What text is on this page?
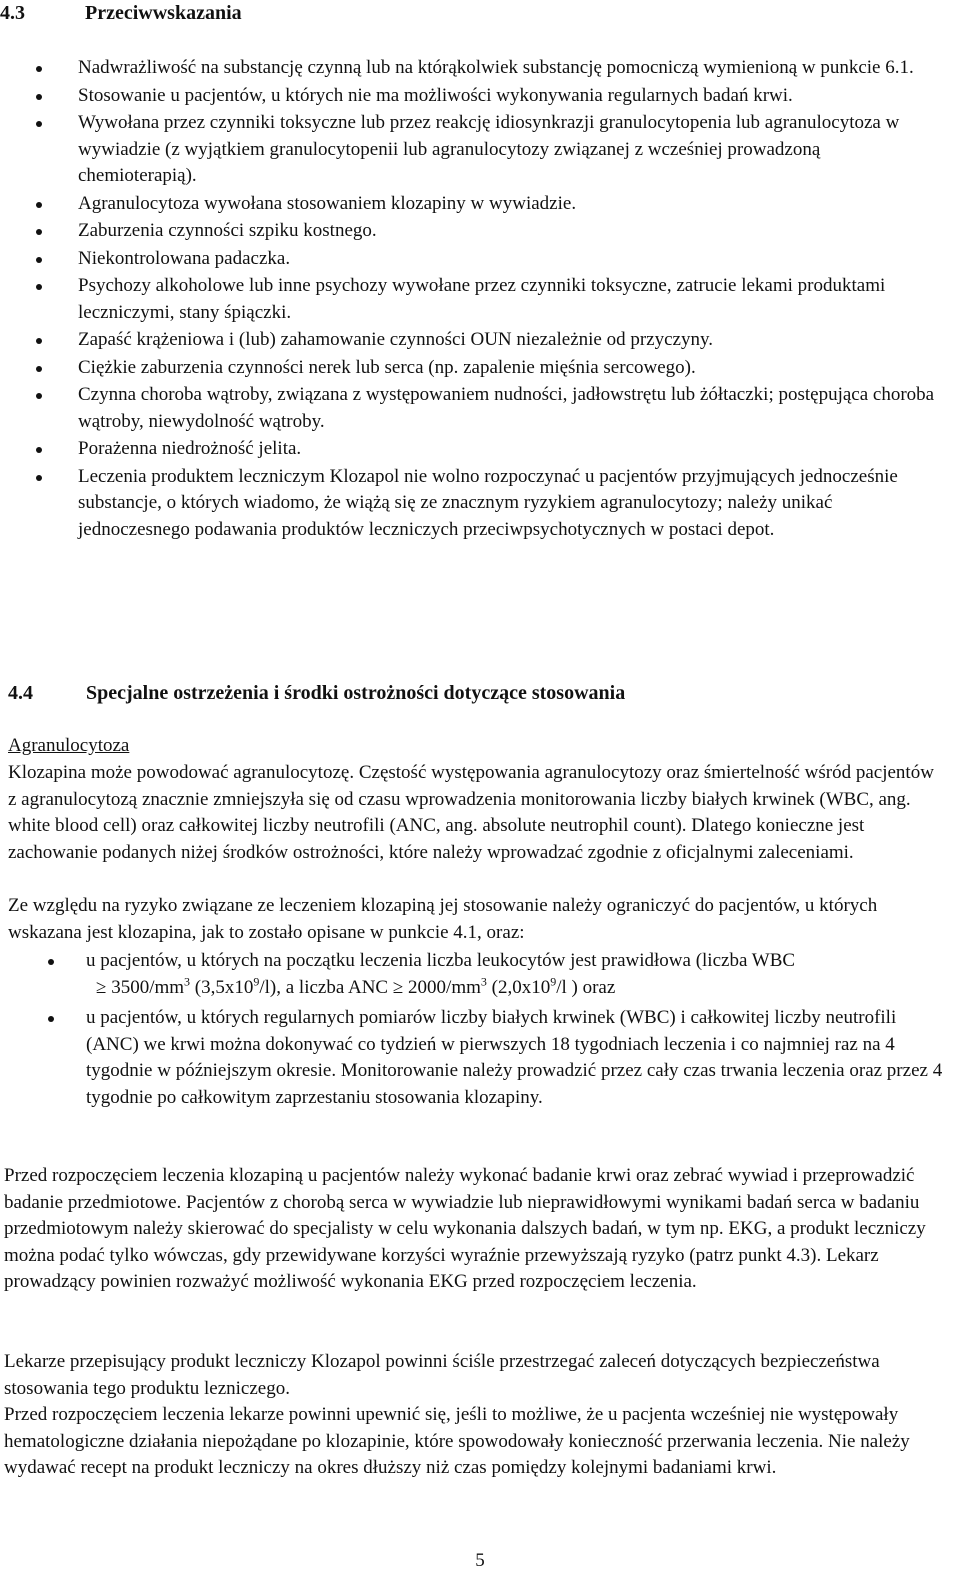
4.3	Przeciwwskazania
Nadwrażliwość na substancję czynną lub na którąkolwiek substancję pomocniczą wymienioną w punkcie 6.1.
Stosowanie u pacjentów, u których nie ma możliwości wykonywania regularnych badań krwi.
Wywołana przez czynniki toksyczne lub przez reakcję idiosynkrazji granulocytopenia lub agranulocytoza w wywiadzie (z wyjątkiem granulocytopenii lub agranulocytozy związanej z wcześniej prowadzoną chemioterapią).
Agranulocytoza wywołana stosowaniem klozapiny w wywiadzie.
Zaburzenia czynności szpiku kostnego.
Niekontrolowana padaczka.
Psychozy alkoholowe lub inne psychozy wywołane przez czynniki toksyczne, zatrucie lekami produktami leczniczymi, stany śpiączki.
Zapaść krążeniowa i (lub) zahamowanie czynności OUN niezależnie od przyczyny.
Ciężkie zaburzenia czynności nerek lub serca (np. zapalenie mięśnia sercowego).
Czynna choroba wątroby, związana z występowaniem nudności, jadłowstrętu lub żółtaczki; postępująca choroba wątroby, niewydolność wątroby.
Porażenna niedrożność jelita.
Leczenia produktem leczniczym Klozapol nie wolno rozpoczynać u pacjentów przyjmujących jednocześnie substancje, o których wiadomo, że wiążą się ze znacznym ryzykiem agranulocytozy; należy unikać jednoczesnego podawania produktów leczniczych przeciwpsychotycznych w postaci depot.
4.4	Specjalne ostrzeżenia i środki ostrożności dotyczące stosowania

Agranulocytoza

Klozapina może powodować agranulocytozę. Częstość występowania agranulocytozy oraz śmiertelność wśród pacjentów z agranulocytozą znacznie zmniejszyła się od czasu wprowadzenia monitorowania liczby białych krwinek (WBC, ang. white blood cell) oraz całkowitej liczby neutrofili (ANC, ang. absolute neutrophil count). Dlatego konieczne jest zachowanie podanych niżej środków ostrożności, które należy wprowadzać zgodnie z oficjalnymi zaleceniami.

Ze względu na ryzyko związane ze leczeniem klozapiną jej stosowanie należy ograniczyć do pacjentów, u których wskazana jest klozapina, jak to zostało opisane w punkcie 4.1, oraz:

u pacjentów, u których na początku leczenia liczba leukocytów jest prawidłowa (liczba WBC
≥ $3500/mm^3$ $(3,5x10^9/l)$, a liczba ANC ≥ $2000/mm^3$ ($2,0x10^9/l$ ) oraz
u pacjentów, u których regularnych pomiarów liczby białych krwinek (WBC) i całkowitej liczby neutrofili (ANC) we krwi można dokonywać co tydzień w pierwszych 18 tygodniach leczenia i co najmniej raz na 4 tygodnie w późniejszym okresie. Monitorowanie należy prowadzić przez cały czas trwania leczenia oraz przez 4 tygodnie po całkowitym zaprzestaniu stosowania klozapiny.

Przed rozpoczęciem leczenia klozapiną u pacjentów należy wykonać badanie krwi oraz zebrać wywiad i przeprowadzić badanie przedmiotowe. Pacjentów z chorobą serca w wywiadzie lub nieprawidłowymi wynikami badań serca w badaniu przedmiotowym należy skierować do specjalisty w celu wykonania dalszych badań, w tym np. EKG, a produkt leczniczy można podać tylko wówczas, gdy przewidywane korzyści wyraźnie przewyższają ryzyko (patrz punkt 4.3). Lekarz prowadzący powinien rozważyć możliwość wykonania EKG przed rozpoczęciem leczenia.

Lekarze przepisujący produkt leczniczy Klozapol powinni ściśle przestrzegać zaleceń dotyczących bezpieczeństwa stosowania tego produktu lezniczego.

Przed rozpoczęciem leczenia lekarze powinni upewnić się, jeśli to możliwe, że u pacjenta wcześniej nie występowały hematologiczne działania niepożądane po klozapinie, które spowodowały konieczność przerwania leczenia. Nie należy wydawać recept na produkt leczniczy na okres dłuższy niż czas pomiędzy kolejnymi badaniami krwi.

5
